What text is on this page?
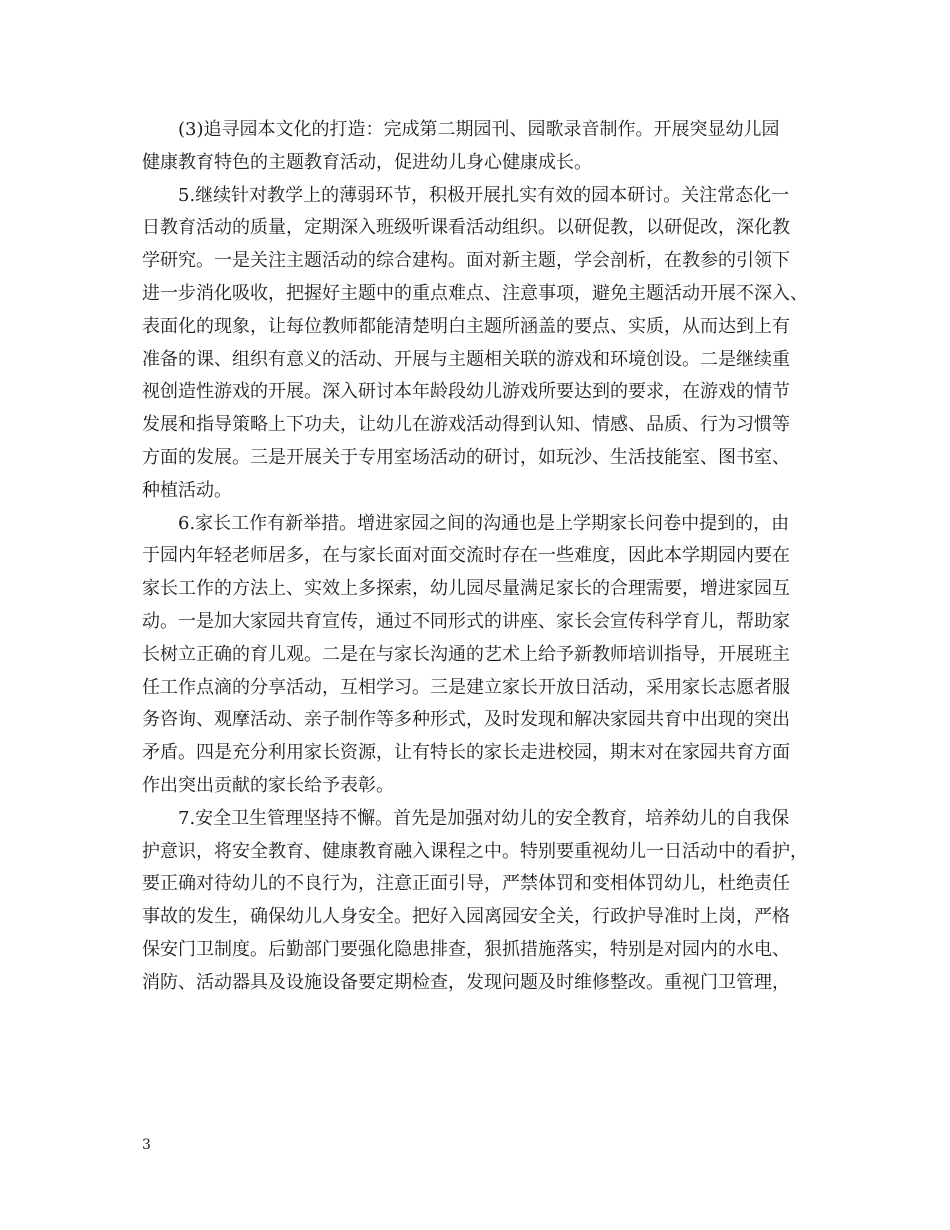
(3)追寻园本文化的打造：完成第二期园刊、园歌录音制作。开展突显幼儿园
健康教育特色的主题教育活动，促进幼儿身心健康成长。
5.继续针对教学上的薄弱环节，积极开展扎实有效的园本研讨。关注常态化一
日教育活动的质量，定期深入班级听课看活动组织。以研促教，以研促改，深化教
学研究。一是关注主题活动的综合建构。面对新主题，学会剖析，在教参的引领下
进一步消化吸收，把握好主题中的重点难点、注意事项，避免主题活动开展不深入、
表面化的现象，让每位教师都能清楚明白主题所涵盖的要点、实质，从而达到上有
准备的课、组织有意义的活动、开展与主题相关联的游戏和环境创设。二是继续重
视创造性游戏的开展。深入研讨本年龄段幼儿游戏所要达到的要求，在游戏的情节
发展和指导策略上下功夫，让幼儿在游戏活动得到认知、情感、品质、行为习惯等
方面的发展。三是开展关于专用室场活动的研讨，如玩沙、生活技能室、图书室、
种植活动。
6.家长工作有新举措。增进家园之间的沟通也是上学期家长问卷中提到的，由
于园内年轻老师居多，在与家长面对面交流时存在一些难度，因此本学期园内要在
家长工作的方法上、实效上多探索，幼儿园尽量满足家长的合理需要，增进家园互
动。一是加大家园共育宣传，通过不同形式的讲座、家长会宣传科学育儿，帮助家
长树立正确的育儿观。二是在与家长沟通的艺术上给予新教师培训指导，开展班主
任工作点滴的分享活动，互相学习。三是建立家长开放日活动，采用家长志愿者服
务咨询、观摩活动、亲子制作等多种形式，及时发现和解决家园共育中出现的突出
矛盾。四是充分利用家长资源，让有特长的家长走进校园，期末对在家园共育方面
作出突出贡献的家长给予表彰。
7.安全卫生管理坚持不懈。首先是加强对幼儿的安全教育，培养幼儿的自我保
护意识，将安全教育、健康教育融入课程之中。特别要重视幼儿一日活动中的看护，
要正确对待幼儿的不良行为，注意正面引导，严禁体罚和变相体罚幼儿，杜绝责任
事故的发生，确保幼儿人身安全。把好入园离园安全关，行政护导准时上岗，严格
保安门卫制度。后勤部门要强化隐患排查，狠抓措施落实，特别是对园内的水电、
消防、活动器具及设施设备要定期检查，发现问题及时维修整改。重视门卫管理，
3
